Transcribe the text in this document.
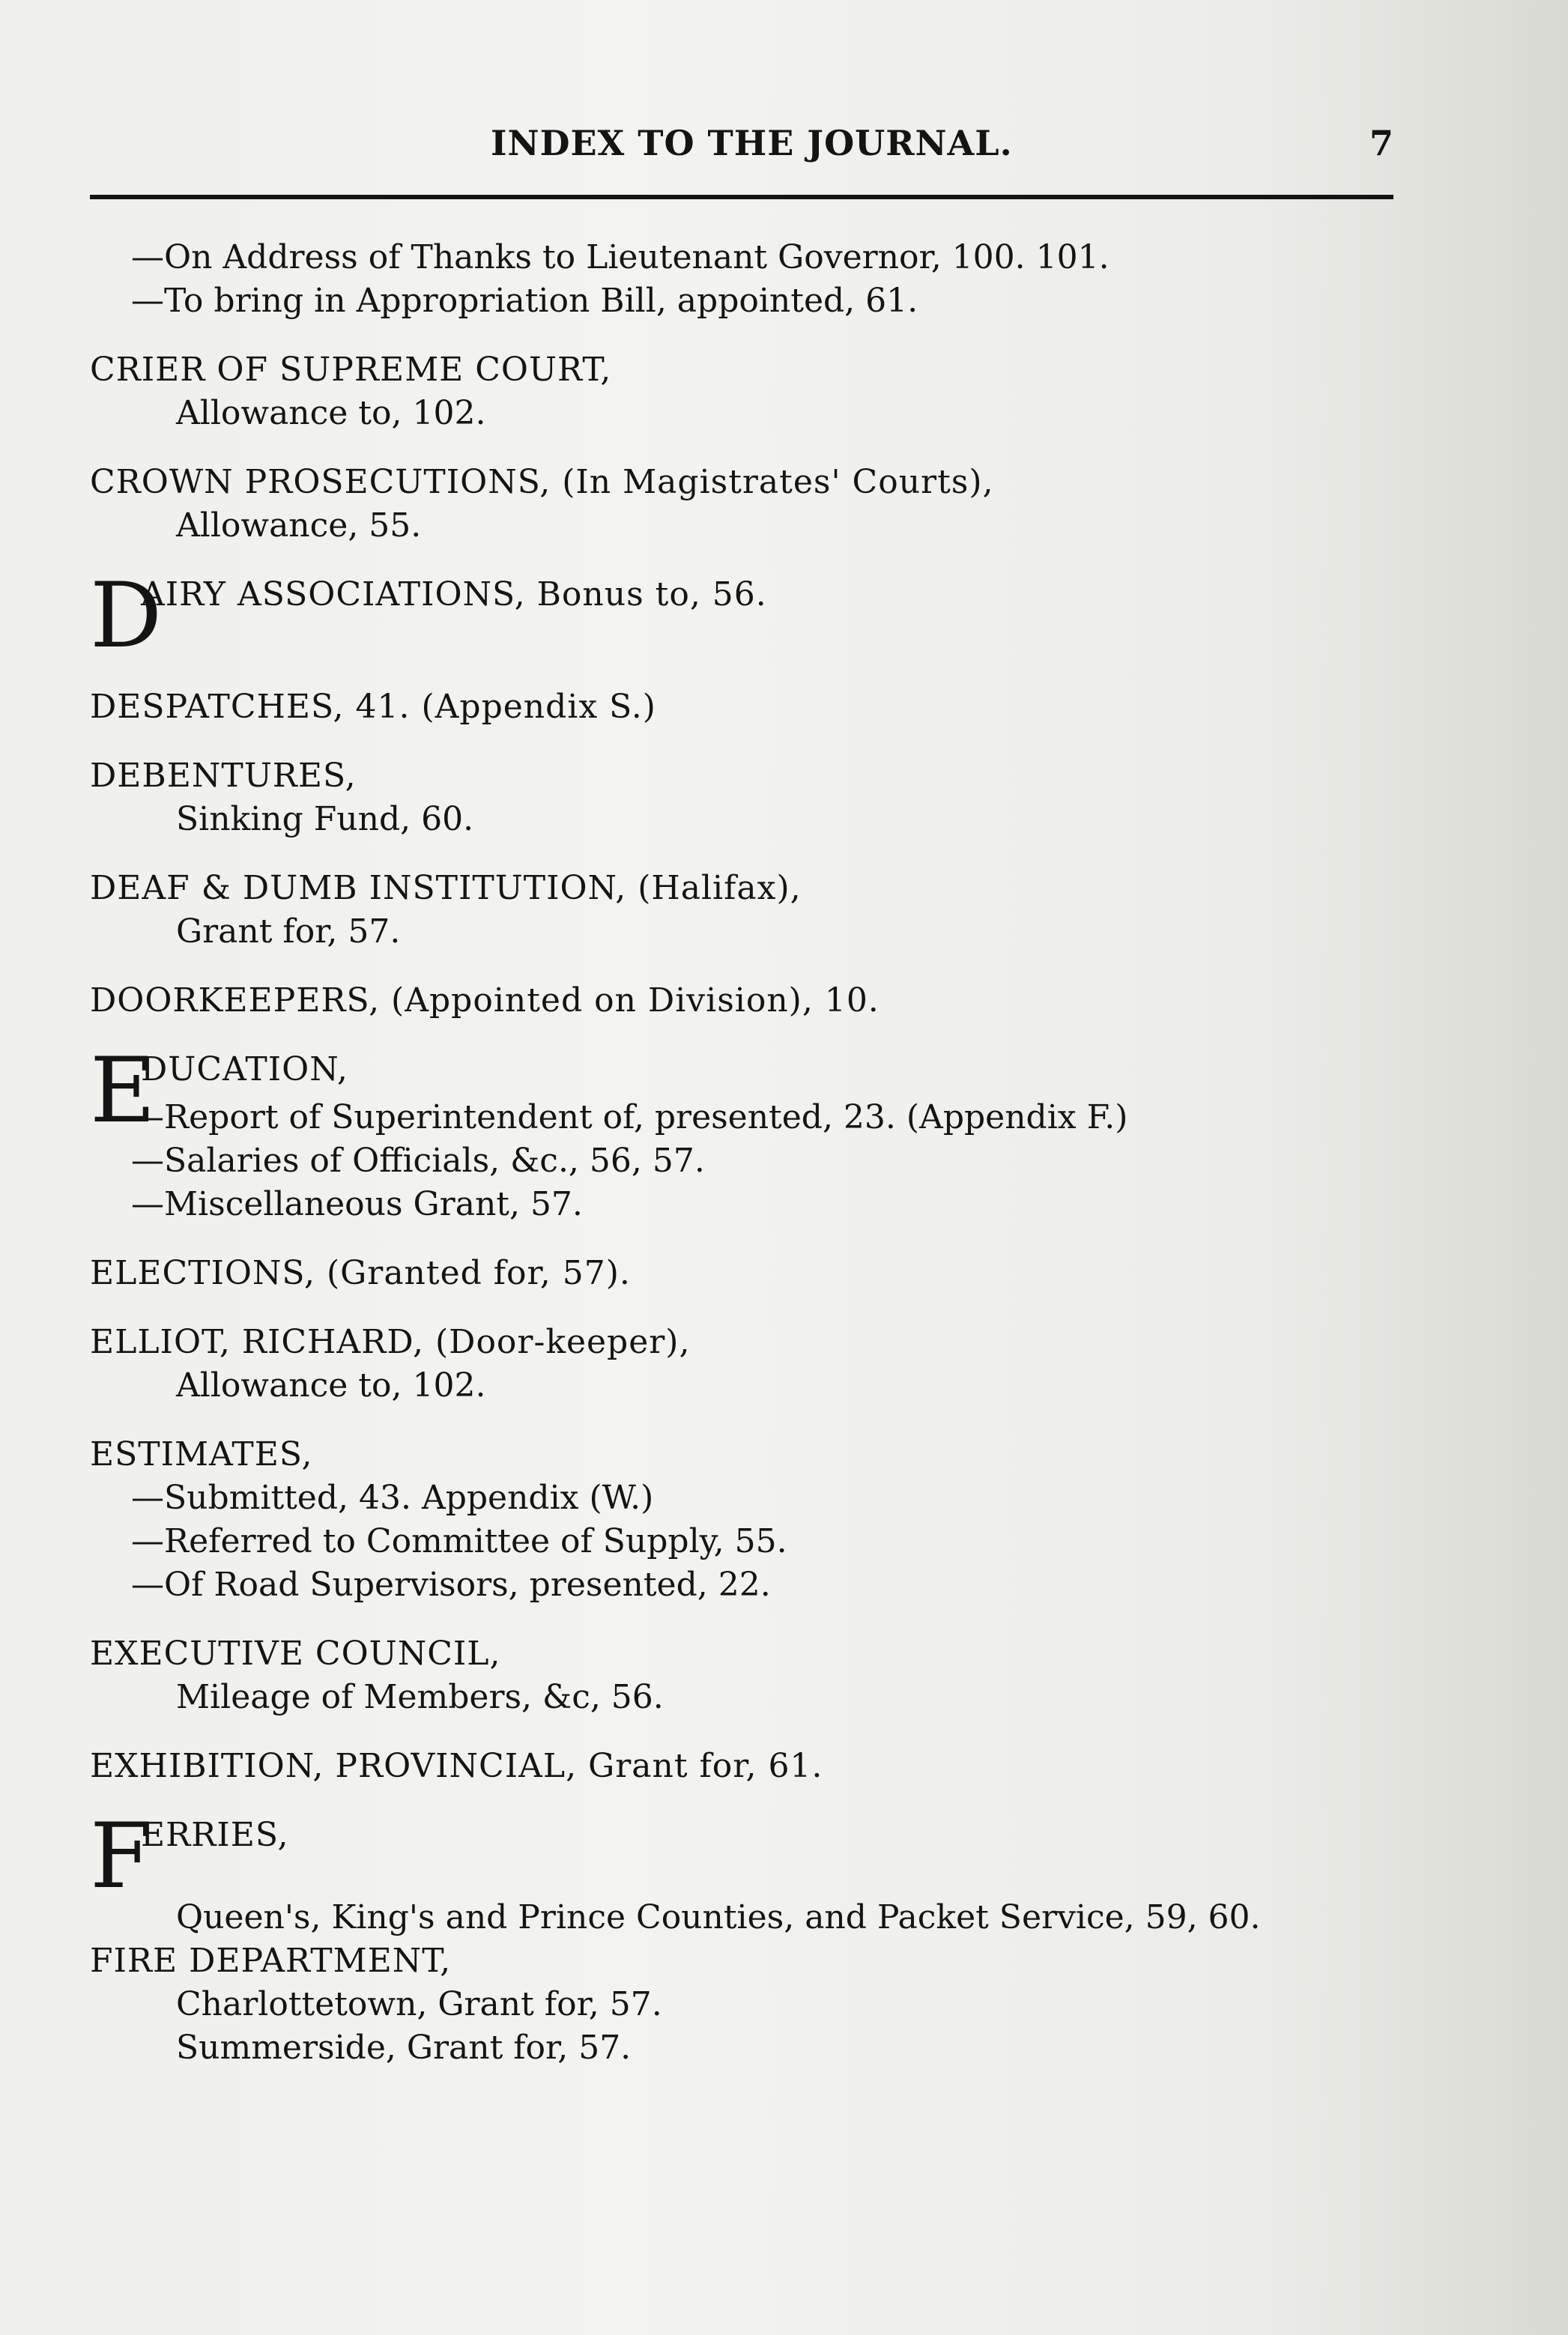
INDEX TO THE JOURNAL.	7
—On Address of Thanks to Lieutenant Governor, 100. 101.
—To bring in Appropriation Bill, appointed, 61.
CRIER OF SUPREME COURT,
Allowance to, 102.
CROWN PROSECUTIONS, (In Magistrates' Courts),
Allowance, 55.
D
AIRY ASSOCIATIONS, Bonus to, 56.
DESPATCHES, 41. (Appendix S.)
DEBENTURES,
Sinking Fund, 60.
DEAF & DUMB INSTITUTION, (Halifax),
Grant for, 57.
DOORKEEPERS, (Appointed on Division), 10.
E
DUCATION,
—Report of Superintendent of, presented, 23. (Appendix F.)
—Salaries of Officials, &c., 56, 57.
—Miscellaneous Grant, 57.
ELECTIONS, (Granted for, 57).
ELLIOT, RICHARD, (Door-keeper),
Allowance to, 102.
ESTIMATES,
—Submitted, 43. Appendix (W.)
—Referred to Committee of Supply, 55.
—Of Road Supervisors, presented, 22.
EXECUTIVE COUNCIL,
Mileage of Members, &c, 56.
EXHIBITION, PROVINCIAL, Grant for, 61.
F
ERRIES,
Queen's, King's and Prince Counties, and Packet Service, 59, 60.
FIRE DEPARTMENT,
Charlottetown, Grant for, 57.
Summerside, Grant for, 57.
